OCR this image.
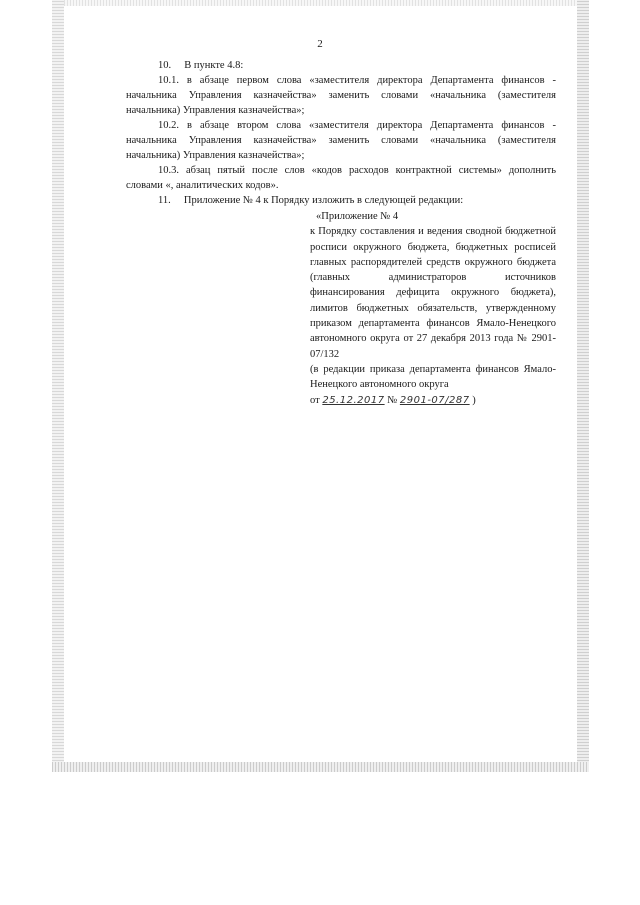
2

10. В пункте 4.8:

10.1. в абзаце первом слова «заместителя директора Департамента финансов - начальника Управления казначейства» заменить словами «начальника (заместителя начальника) Управления казначейства»;

10.2. в абзаце втором слова «заместителя директора Департамента финансов - начальника Управления казначейства» заменить словами «начальника (заместителя начальника) Управления казначейства»;

10.3. абзац пятый после слов «кодов расходов контрактной системы» дополнить словами «, аналитических кодов».

11. Приложение № 4 к Порядку изложить в следующей редакции:

«Приложение № 4

к Порядку составления и ведения сводной бюджетной росписи окружного бюджета, бюджетных росписей главных распорядителей средств окружного бюджета (главных администраторов источников финансирования дефицита окружного бюджета), лимитов бюджетных обязательств, утвержденному приказом департамента финансов Ямало-Ненецкого автономного округа от 27 декабря 2013 года № 2901-07/132

(в редакции приказа департамента финансов Ямало-Ненецкого автономного округа

от 25.12.2017 № 2901-07/287 )
